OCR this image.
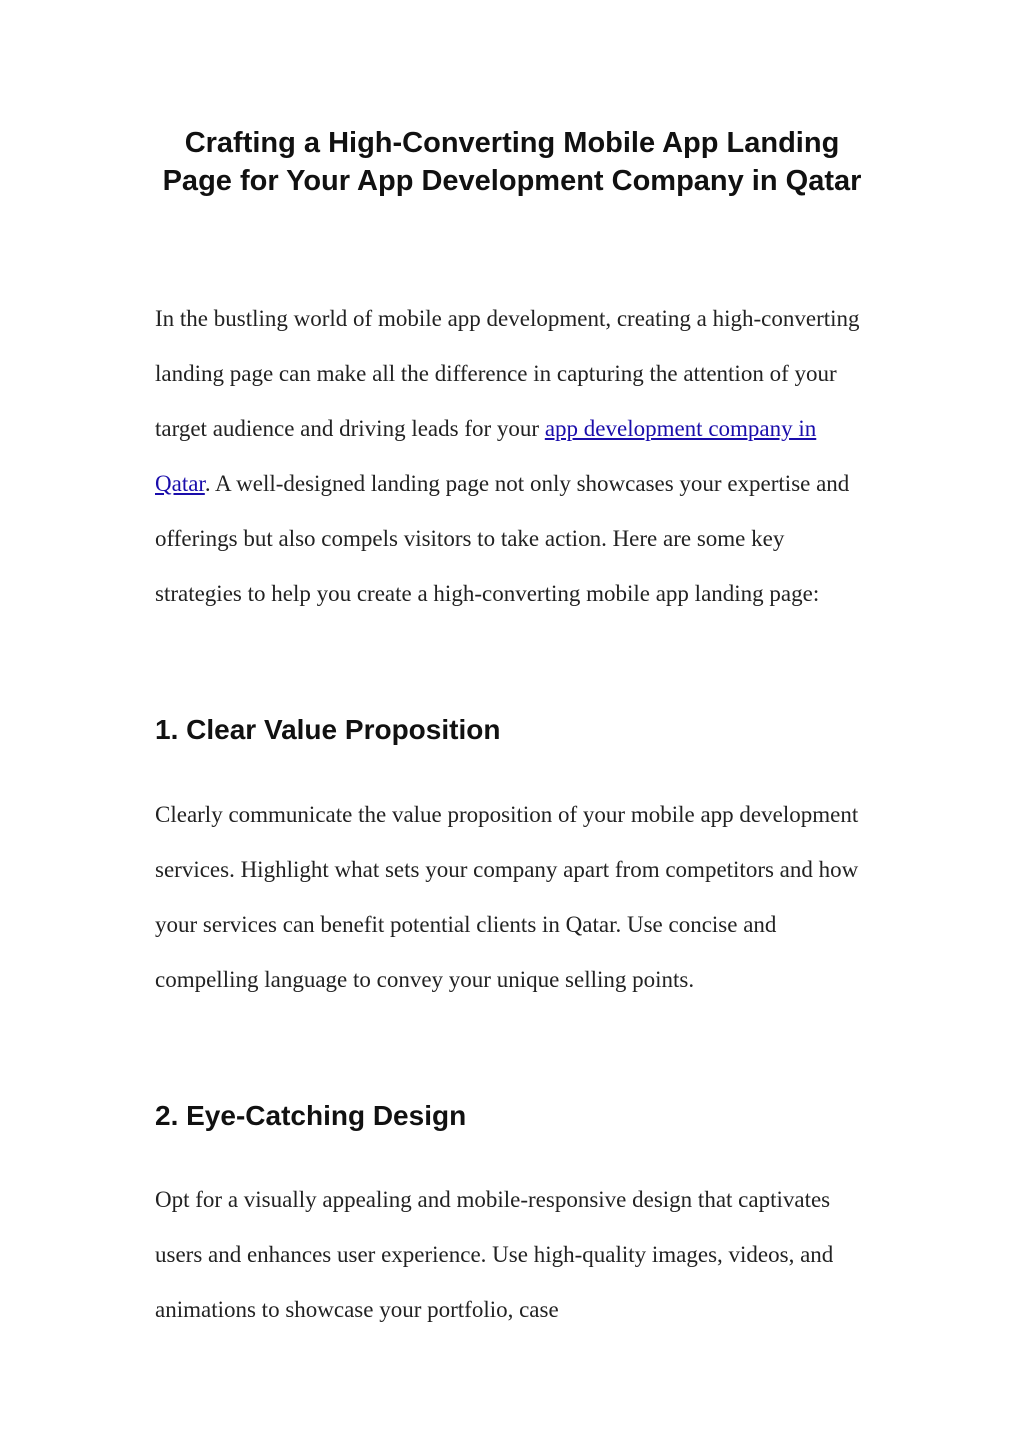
Crafting a High-Converting Mobile App Landing Page for Your App Development Company in Qatar

In the bustling world of mobile app development, creating a high-converting landing page can make all the difference in capturing the attention of your target audience and driving leads for your app development company in Qatar. A well-designed landing page not only showcases your expertise and offerings but also compels visitors to take action. Here are some key strategies to help you create a high-converting mobile app landing page:

1. Clear Value Proposition

Clearly communicate the value proposition of your mobile app development services. Highlight what sets your company apart from competitors and how your services can benefit potential clients in Qatar. Use concise and compelling language to convey your unique selling points.

2. Eye-Catching Design

Opt for a visually appealing and mobile-responsive design that captivates users and enhances user experience. Use high-quality images, videos, and animations to showcase your portfolio, case
